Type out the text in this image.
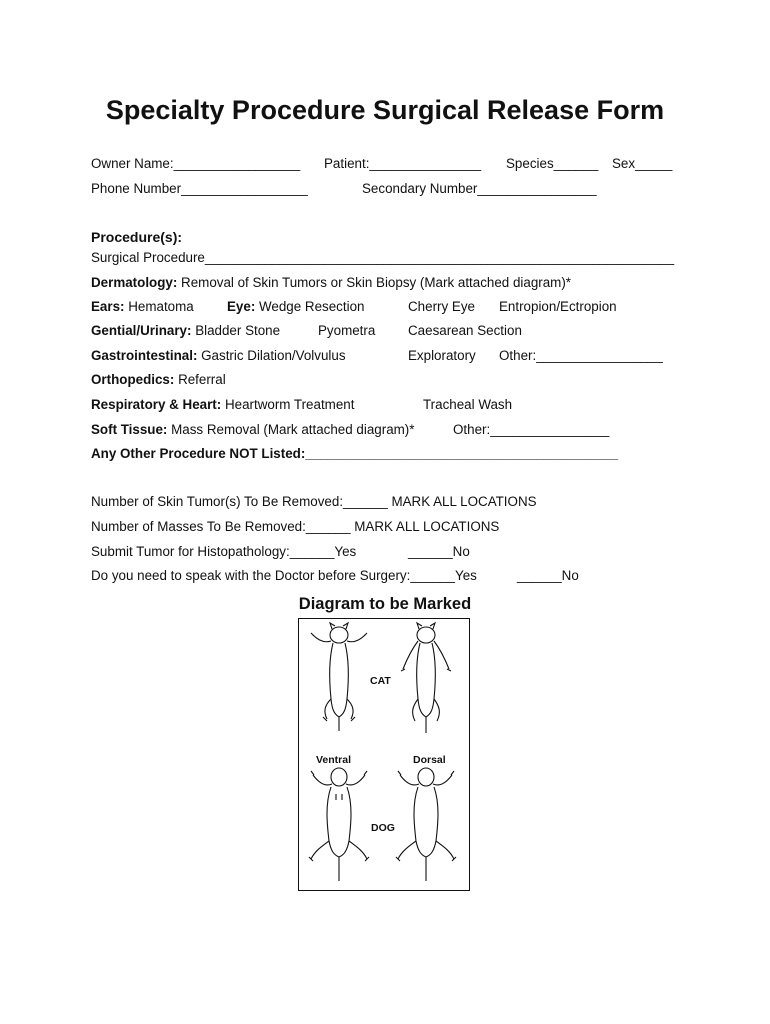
Specialty Procedure Surgical Release Form
Owner Name:_________________ Patient:_______________ Species______ Sex_____
Phone Number_________________	Secondary Number________________
Procedure(s):
Surgical Procedure_______________________________________________________________
Dermatology: Removal of Skin Tumors or Skin Biopsy (Mark attached diagram)*
Ears: Hematoma Eye: Wedge Resection	Cherry Eye Entropion/Ectropion
Gential/Urinary: Bladder Stone	Pyometra Caesarean Section
Gastrointestinal: Gastric Dilation/Volvulus	Exploratory Other:_________________
Orthopedics: Referral
Respiratory & Heart: Heartworm Treatment	Tracheal Wash
Soft Tissue: Mass Removal (Mark attached diagram)*	Other:________________
Any Other Procedure NOT Listed:__________________________________________
Number of Skin Tumor(s) To Be Removed:______ MARK ALL LOCATIONS
Number of Masses To Be Removed:______ MARK ALL LOCATIONS
Submit Tumor for Histopathology:______Yes	______No
Do you need to speak with the Doctor before Surgery:______Yes	______No
Diagram to be Marked
CAT
Ventral	Dorsal
DOG
